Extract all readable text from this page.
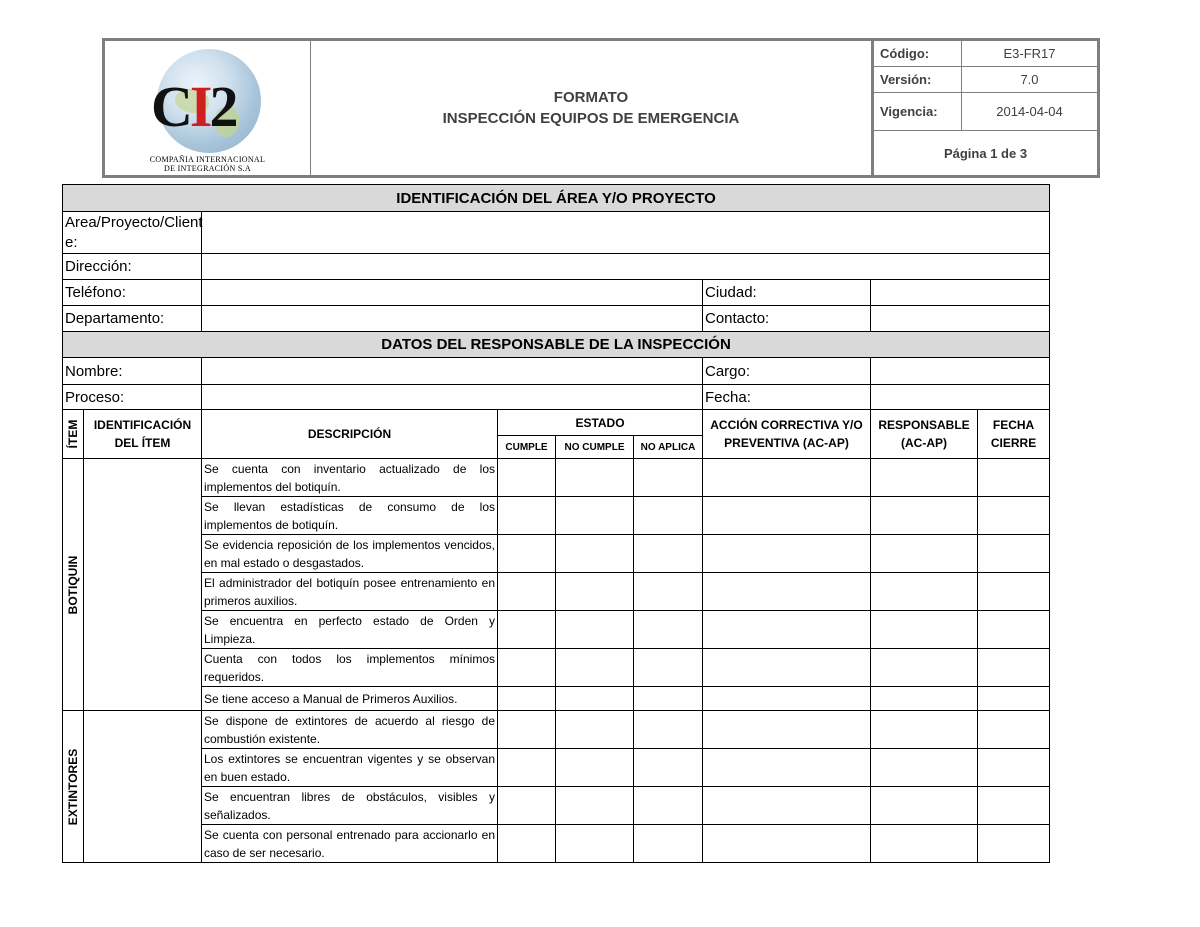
CI2
COMPAÑIA INTERNACIONAL
DE INTEGRACIÓN S.A
FORMATO
INSPECCIÓN EQUIPOS DE EMERGENCIA
Código:	E3-FR17
Versión:	7.0
Vigencia:	2014-04-04
Página 1 de 3
IDENTIFICACIÓN DEL ÁREA Y/O PROYECTO								
Area/Proyecto/Client e:								
Dirección:								
Teléfono:						Ciudad:		
Departamento:						Contacto:		
DATOS DEL RESPONSABLE DE LA INSPECCIÓN								
Nombre:						Cargo:		
Proceso:						Fecha:		

ÍTEM	IDENTIFICACIÓN DEL ÍTEM	DESCRIPCIÓN	ESTADO			ACCIÓN CORRECTIVA Y/O PREVENTIVA (AC-AP)	RESPONSABLE (AC-AP)	FECHA CIERRE
			CUMPLE	NO CUMPLE	NO APLICA			

BOTIQUIN		Se cuenta con inventario actualizado de los implementos del botiquín.						
		Se llevan estadísticas de consumo de los implementos de botiquín.						
		Se evidencia reposición de los implementos vencidos, en mal estado o desgastados.						
		El administrador del botiquín posee entrenamiento en primeros auxilios.						
		Se encuentra en perfecto estado de Orden y Limpieza.						
		Cuenta con todos los implementos mínimos requeridos.						
		Se tiene acceso a Manual de Primeros Auxilios.						

EXTINTORES		Se dispone de extintores de acuerdo al riesgo de combustión existente.						
		Los extintores se encuentran vigentes y se observan en buen estado.						
		Se encuentran libres de obstáculos, visibles y señalizados.						
		Se cuenta con personal entrenado para accionarlo en caso de ser necesario.						
